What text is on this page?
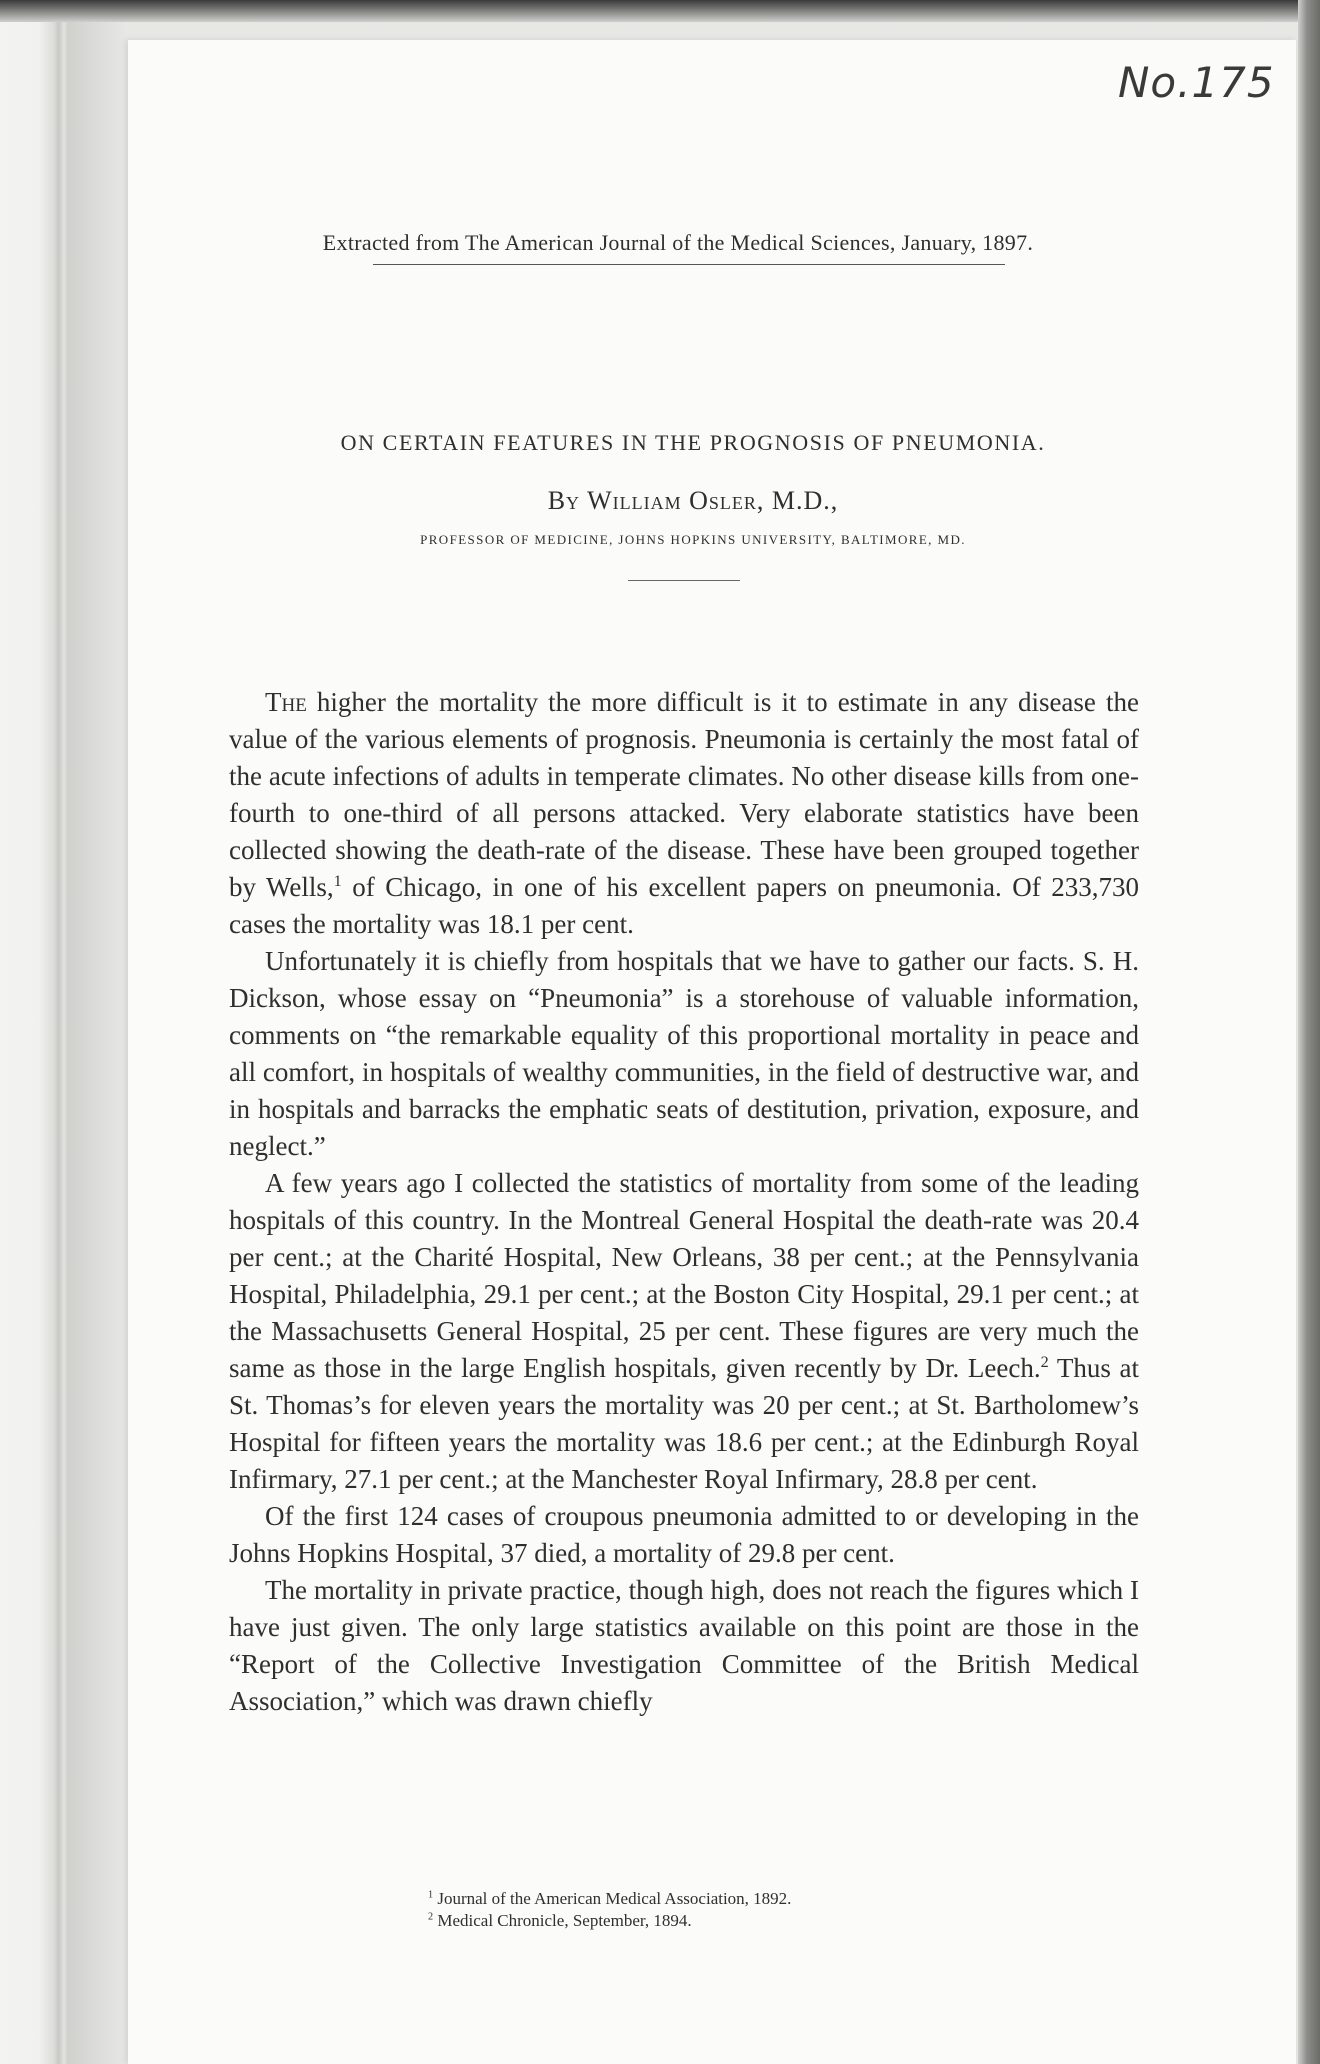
No.175
Extracted from The American Journal of the Medical Sciences, January, 1897.
ON CERTAIN FEATURES IN THE PROGNOSIS OF PNEUMONIA.
By William Osler, M.D.,
PROFESSOR OF MEDICINE, JOHNS HOPKINS UNIVERSITY, BALTIMORE, MD.

The higher the mortality the more difficult is it to estimate in any disease the value of the various elements of prognosis. Pneumonia is certainly the most fatal of the acute infections of adults in temperate climates. No other disease kills from one-fourth to one-third of all persons attacked. Very elaborate statistics have been collected showing the death-rate of the disease. These have been grouped together by Wells,$^1$ of Chicago, in one of his excellent papers on pneumonia. Of 233,730 cases the mortality was 18.1 per cent.

Unfortunately it is chiefly from hospitals that we have to gather our facts. S. H. Dickson, whose essay on “Pneumonia” is a storehouse of valuable information, comments on “the remarkable equality of this proportional mortality in peace and all comfort, in hospitals of wealthy communities, in the field of destructive war, and in hospitals and barracks the emphatic seats of destitution, privation, exposure, and neglect.”

A few years ago I collected the statistics of mortality from some of the leading hospitals of this country. In the Montreal General Hospital the death-rate was 20.4 per cent.; at the Charité Hospital, New Orleans, 38 per cent.; at the Pennsylvania Hospital, Philadelphia, 29.1 per cent.; at the Boston City Hospital, 29.1 per cent.; at the Massachusetts General Hospital, 25 per cent. These figures are very much the same as those in the large English hospitals, given recently by Dr. Leech.$^2$ Thus at St. Thomas’s for eleven years the mortality was 20 per cent.; at St. Bartholomew’s Hospital for fifteen years the mortality was 18.6 per cent.; at the Edinburgh Royal Infirmary, 27.1 per cent.; at the Manchester Royal Infirmary, 28.8 per cent.

Of the first 124 cases of croupous pneumonia admitted to or developing in the Johns Hopkins Hospital, 37 died, a mortality of 29.8 per cent.

The mortality in private practice, though high, does not reach the figures which I have just given. The only large statistics available on this point are those in the “Report of the Collective Investigation Committee of the British Medical Association,” which was drawn chiefly

$^1$ Journal of the American Medical Association, 1892.
$^2$ Medical Chronicle, September, 1894.
